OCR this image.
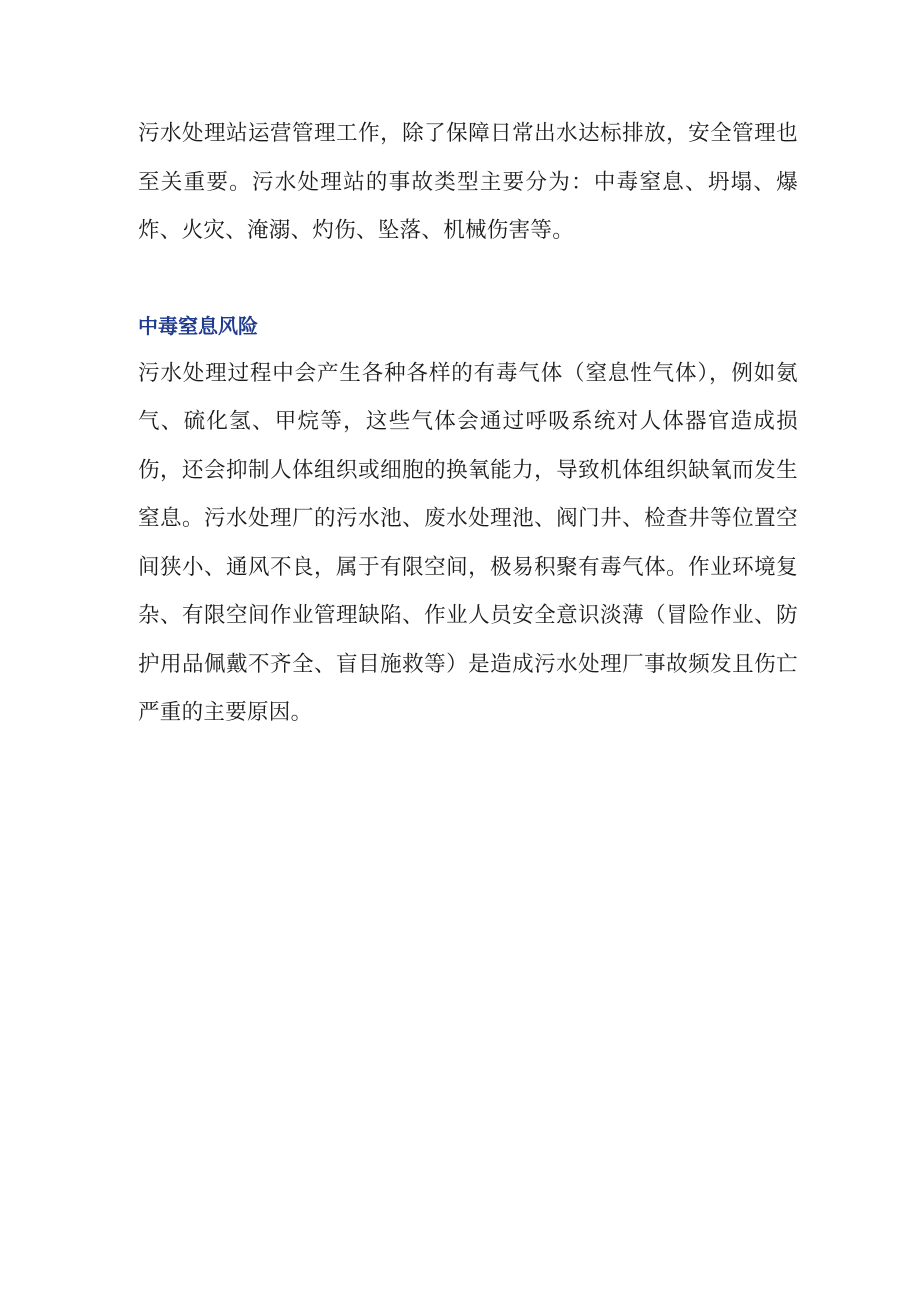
污水处理站运营管理工作，除了保障日常出水达标排放，安全管理也至关重要。污水处理站的事故类型主要分为：中毒窒息、坍塌、爆炸、火灾、淹溺、灼伤、坠落、机械伤害等。

中毒窒息风险

污水处理过程中会产生各种各样的有毒气体（窒息性气体），例如氨气、硫化氢、甲烷等，这些气体会通过呼吸系统对人体器官造成损伤，还会抑制人体组织或细胞的换氧能力，导致机体组织缺氧而发生窒息。污水处理厂的污水池、废水处理池、阀门井、检查井等位置空间狭小、通风不良，属于有限空间，极易积聚有毒气体。作业环境复杂、有限空间作业管理缺陷、作业人员安全意识淡薄（冒险作业、防护用品佩戴不齐全、盲目施救等）是造成污水处理厂事故频发且伤亡严重的主要原因。
